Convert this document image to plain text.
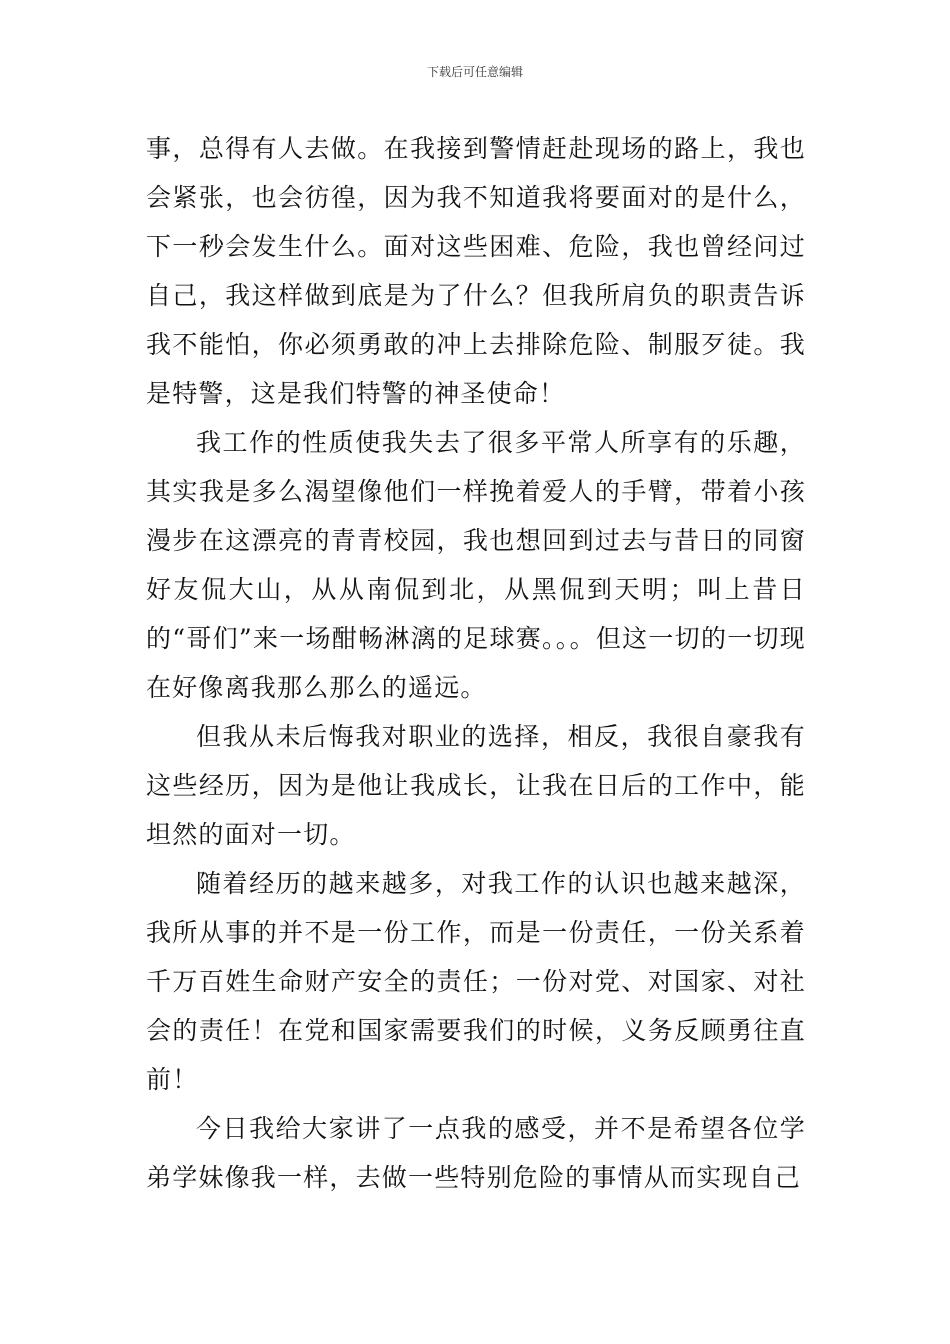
下载后可任意编辑

事，总得有人去做。在我接到警情赶赴现场的路上，我也会紧张，也会彷徨，因为我不知道我将要面对的是什么，下一秒会发生什么。面对这些困难、危险，我也曾经问过自己，我这样做到底是为了什么？但我所肩负的职责告诉我不能怕，你必须勇敢的冲上去排除危险、制服歹徒。我是特警，这是我们特警的神圣使命！

我工作的性质使我失去了很多平常人所享有的乐趣，其实我是多么渴望像他们一样挽着爱人的手臂，带着小孩漫步在这漂亮的青青校园，我也想回到过去与昔日的同窗好友侃大山，从从南侃到北，从黑侃到天明；叫上昔日的“哥们”来一场酣畅淋漓的足球赛。。。但这一切的一切现在好像离我那么那么的遥远。

但我从未后悔我对职业的选择，相反，我很自豪我有这些经历，因为是他让我成长，让我在日后的工作中，能坦然的面对一切。

随着经历的越来越多，对我工作的认识也越来越深，我所从事的并不是一份工作，而是一份责任，一份关系着千万百姓生命财产安全的责任；一份对党、对国家、对社会的责任！在党和国家需要我们的时候，义务反顾勇往直前！

今日我给大家讲了一点我的感受，并不是希望各位学弟学妹像我一样，去做一些特别危险的事情从而实现自己
